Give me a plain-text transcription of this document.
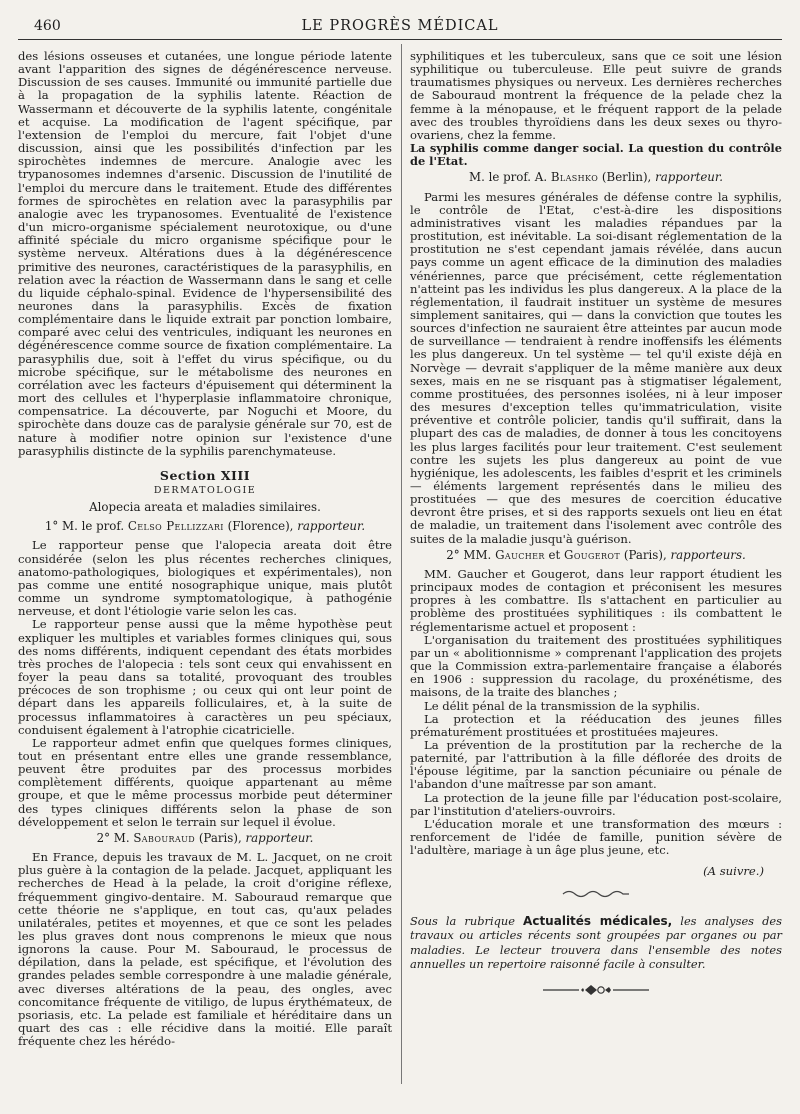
460	LE PROGRÈS MÉDICAL

des lésions osseuses et cutanées, une longue période latente avant l'apparition des signes de dégénérescence nerveuse. Discussion de ses causes. Immunité ou immunité partielle due à la propagation de la syphilis latente. Réaction de Wassermann et découverte de la syphilis latente, congénitale et acquise. La modification de l'agent spécifique, par l'extension de l'emploi du mercure, fait l'objet d'une discussion, ainsi que les possibilités d'infection par les spirochètes indemnes de mercure. Analogie avec les trypanosomes indemnes d'arsenic. Discussion de l'inutilité de l'emploi du mercure dans le traitement. Etude des différentes formes de spirochètes en relation avec la parasyphilis par analogie avec les trypanosomes. Eventualité de l'existence d'un micro-organisme spécialement neurotoxique, ou d'une affinité spéciale du micro organisme spécifique pour le système nerveux. Altérations dues à la dégénérescence primitive des neurones, caractéristiques de la parasyphilis, en relation avec la réaction de Wassermann dans le sang et celle du liquide céphalo-spinal. Evidence de l'hypersensibilité des neurones dans la parasyphilis. Excès de fixation complémentaire dans le liquide extrait par ponction lombaire, comparé avec celui des ventricules, indiquant les neurones en dégénérescence comme source de fixation complémentaire. La parasyphilis due, soit à l'effet du virus spécifique, ou du microbe spécifique, sur le métabolisme des neurones en corrélation avec les facteurs d'épuisement qui déterminent la mort des cellules et l'hyperplasie inflammatoire chronique, compensatrice. La découverte, par Noguchi et Moore, du spirochète dans douze cas de paralysie générale sur 70, est de nature à modifier notre opinion sur l'existence d'une parasyphilis distincte de la syphilis parenchymateuse.

Section XIII
DERMATOLOGIE
Alopecia areata et maladies similaires.
1° M. le prof. Celso Pellizzari (Florence), rapporteur.

Le rapporteur pense que l'alopecia areata doit être considérée (selon les plus récentes recherches cliniques, anatomo-pathologiques, biologiques et expérimentales), non pas comme une entité nosographique unique, mais plutôt comme un syndrome symptomatologique, à pathogénie nerveuse, et dont l'étiologie varie selon les cas.

Le rapporteur pense aussi que la même hypothèse peut expliquer les multiples et variables formes cliniques qui, sous des noms différents, indiquent cependant des états morbides très proches de l'alopecia : tels sont ceux qui envahissent en foyer la peau dans sa totalité, provoquant des troubles précoces de son trophisme ; ou ceux qui ont leur point de départ dans les appareils folliculaires, et, à la suite de processus inflammatoires à caractères un peu spéciaux, conduisent également à l'atrophie cicatricielle.

Le rapporteur admet enfin que quelques formes cliniques, tout en présentant entre elles une grande ressemblance, peuvent être produites par des processus morbides complètement différents, quoique appartenant au même groupe, et que le même processus morbide peut déterminer des types cliniques différents selon la phase de son développement et selon le terrain sur lequel il évolue.

2° M. Sabouraud (Paris), rapporteur.

En France, depuis les travaux de M. L. Jacquet, on ne croit plus guère à la contagion de la pelade. Jacquet, appliquant les recherches de Head à la pelade, la croit d'origine réflexe, fréquemment gingivo-dentaire. M. Sabouraud remarque que cette théorie ne s'applique, en tout cas, qu'aux pelades unilatérales, petites et moyennes, et que ce sont les pelades les plus graves dont nous comprenons le mieux que nous ignorons la cause. Pour M. Sabouraud, le processus de dépilation, dans la pelade, est spécifique, et l'évolution des grandes pelades semble correspondre à une maladie générale, avec diverses altérations de la peau, des ongles, avec concomitance fréquente de vitiligo, de lupus érythémateux, de psoriasis, etc. La pelade est familiale et héréditaire dans un quart des cas : elle récidive dans la moitié. Elle paraît fréquente chez les hérédo-

syphilitiques et les tuberculeux, sans que ce soit une lésion syphilitique ou tuberculeuse. Elle peut suivre de grands traumatismes physiques ou nerveux. Les dernières recherches de Sabouraud montrent la fréquence de la pelade chez la femme à la ménopause, et le fréquent rapport de la pelade avec des troubles thyroïdiens dans les deux sexes ou thyro-ovariens, chez la femme.

La syphilis comme danger social. La question du contrôle de l'Etat.

M. le prof. A. Blashko (Berlin), rapporteur.

Parmi les mesures générales de défense contre la syphilis, le contrôle de l'Etat, c'est-à-dire les dispositions administratives visant les maladies répandues par la prostitution, est inévitable. La soi-disant réglementation de la prostitution ne s'est cependant jamais révélée, dans aucun pays comme un agent efficace de la diminution des maladies vénériennes, parce que précisément, cette réglementation n'atteint pas les individus les plus dangereux. A la place de la réglementation, il faudrait instituer un système de mesures simplement sanitaires, qui — dans la conviction que toutes les sources d'infection ne sauraient être atteintes par aucun mode de surveillance — tendraient à rendre inoffensifs les éléments les plus dangereux. Un tel système — tel qu'il existe déjà en Norvège — devrait s'appliquer de la même manière aux deux sexes, mais en ne se risquant pas à stigmatiser légalement, comme prostituées, des personnes isolées, ni à leur imposer des mesures d'exception telles qu'immatriculation, visite préventive et contrôle policier, tandis qu'il suffirait, dans la plupart des cas de maladies, de donner à tous les concitoyens les plus larges facilités pour leur traitement. C'est seulement contre les sujets les plus dangereux au point de vue hygiénique, les adolescents, les faibles d'esprit et les criminels — éléments largement représentés dans le milieu des prostituées — que des mesures de coercition éducative devront être prises, et si des rapports sexuels ont lieu en état de maladie, un traitement dans l'isolement avec contrôle des suites de la maladie jusqu'à guérison.

2° MM. Gaucher et Gougerot (Paris), rapporteurs.

MM. Gaucher et Gougerot, dans leur rapport étudient les principaux modes de contagion et préconisent les mesures propres à les combattre. Ils s'attachent en particulier au problème des prostituées syphilitiques : ils combattent le réglementarisme actuel et proposent :

L'organisation du traitement des prostituées syphilitiques par un « abolitionnisme » comprenant l'application des projets que la Commission extra-parlementaire française a élaborés en 1906 : suppression du racolage, du proxénétisme, des maisons, de la traite des blanches ;

Le délit pénal de la transmission de la syphilis.

La protection et la rééducation des jeunes filles prématurément prostituées et prostituées majeures.

La prévention de la prostitution par la recherche de la paternité, par l'attribution à la fille déflorée des droits de l'épouse légitime, par la sanction pécuniaire ou pénale de l'abandon d'une maîtresse par son amant.

La protection de la jeune fille par l'éducation post-scolaire, par l'institution d'ateliers-ouvroirs.

L'éducation morale et une transformation des mœurs : renforcement de l'idée de famille, punition sévère de l'adultère, mariage à un âge plus jeune, etc.

(A suivre.)
Sous la rubrique Actualités médicales, les analyses des travaux ou articles récents sont groupées par organes ou par maladies. Le lecteur trouvera dans l'ensemble des notes annuelles un repertoire raisonné facile à consulter.
